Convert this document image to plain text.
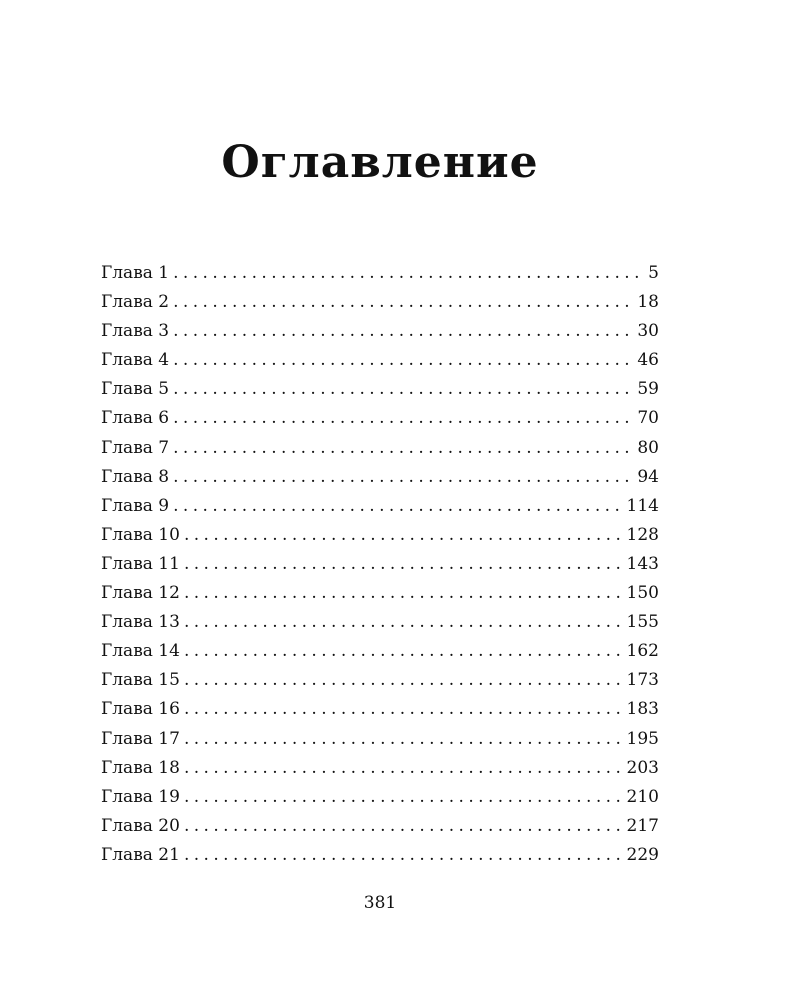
Оглавление
Глава 1 . . .	5
Глава 2 . . .	18
Глава 3 . . .	30
Глава 4 . . .	46
Глава 5 . . .	59
Глава 6 . . .	70
Глава 7 . . .	80
Глава 8 . . .	94
Глава 9 . . .	114
Глава 10 . . .	128
Глава 11 . . .	143
Глава 12 . . .	150
Глава 13 . . .	155
Глава 14 . . .	162
Глава 15 . . .	173
Глава 16 . . .	183
Глава 17 . . .	195
Глава 18 . . .	203
Глава 19 . . .	210
Глава 20 . . .	217
Глава 21 . . .	229
381
